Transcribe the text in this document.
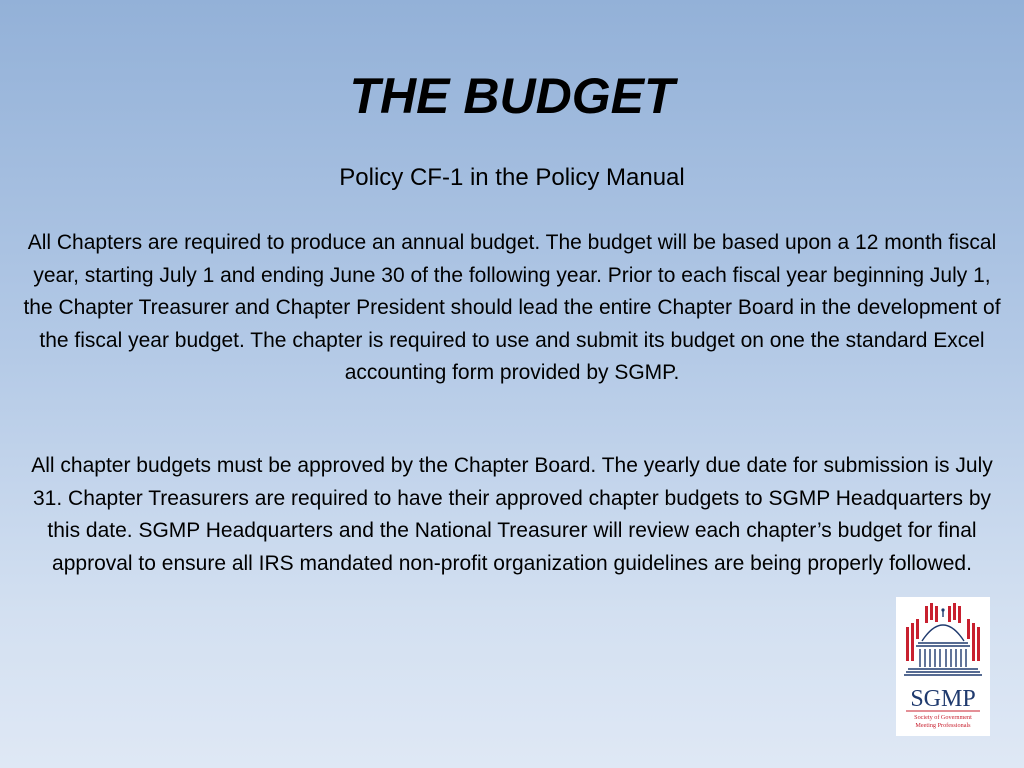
THE BUDGET
Policy CF-1 in the Policy Manual
All Chapters are required to produce an annual budget. The budget will be based upon a 12 month fiscal year, starting July 1 and ending June 30 of the following year. Prior to each fiscal year beginning July 1, the Chapter Treasurer and Chapter President should lead the entire Chapter Board in the development of the fiscal year budget. The chapter is required to use and submit its budget on one the standard Excel accounting form provided by SGMP.
All chapter budgets must be approved by the Chapter Board. The yearly due date for submission is July 31. Chapter Treasurers are required to have their approved chapter budgets to SGMP Headquarters by this date. SGMP Headquarters and the National Treasurer will review each chapter’s budget for final approval to ensure all IRS mandated non-profit organization guidelines are being properly followed.
SGMP
Society of Government
Meeting Professionals
